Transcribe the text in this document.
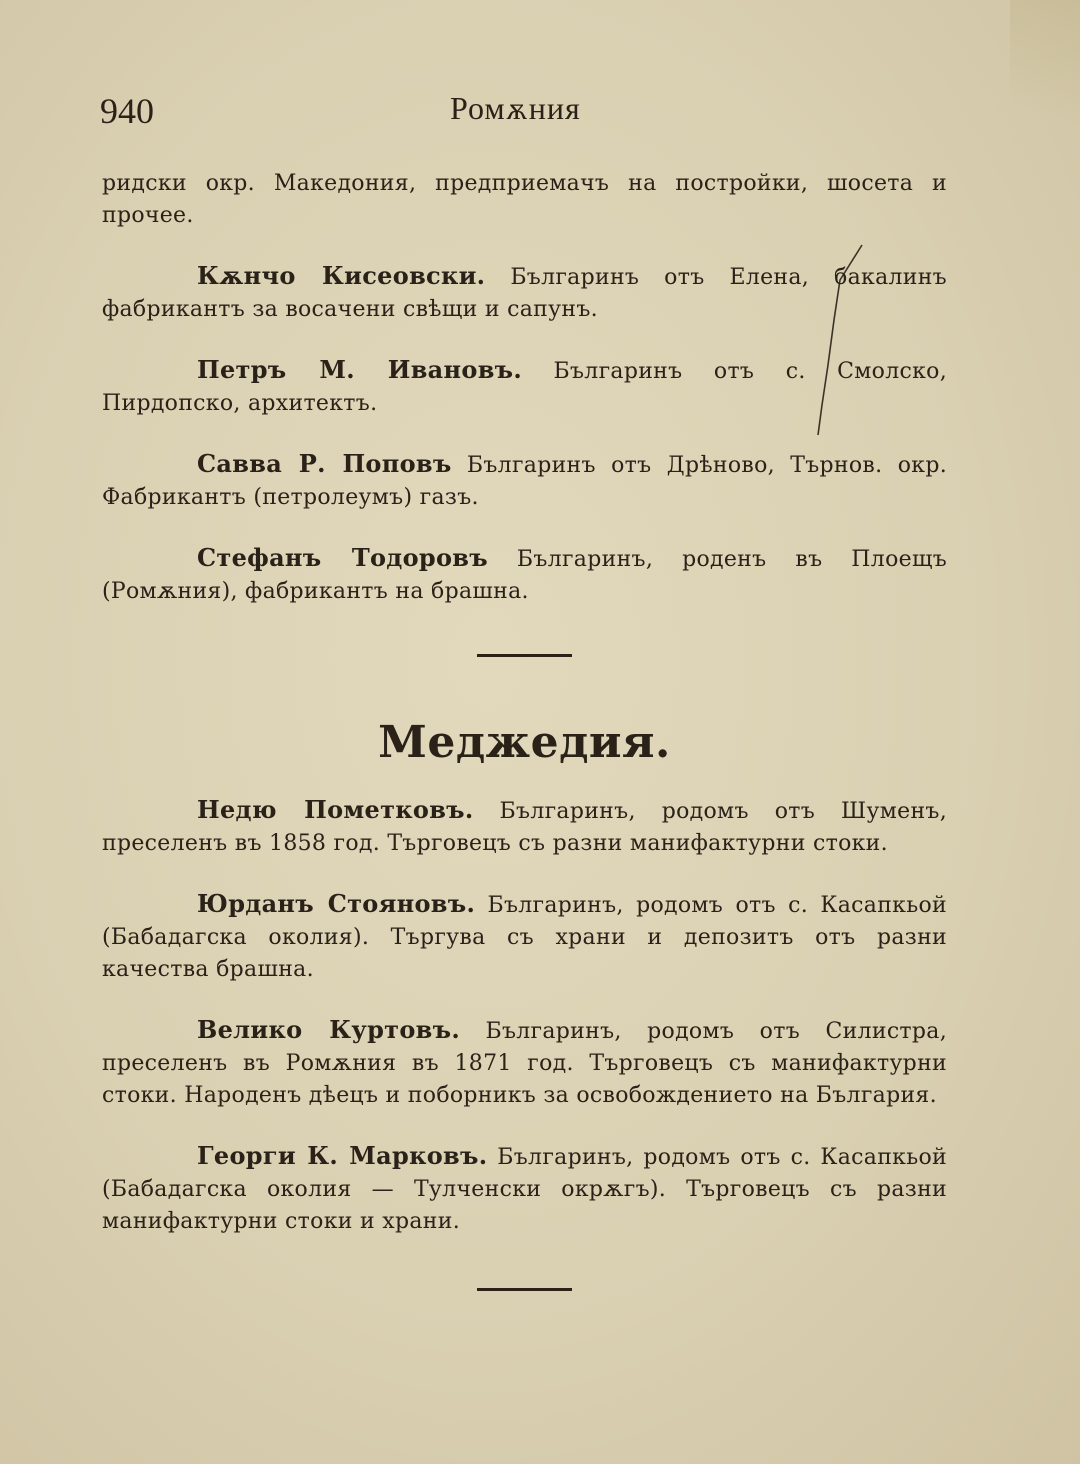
940	Ромѫния

ридски окр. Македония, предприемачъ на постройки, шосета и прочее.

Кѫнчо Кисеовски. Българинъ отъ Елена, бакалинъ фабрикантъ за восачени свѣщи и сапунъ.

Петръ М. Ивановъ. Българинъ отъ с. Смолско, Пирдопско, архитектъ.

Савва Р. Поповъ Българинъ отъ Дрѣново, Търнов. окр. Фабрикантъ (петролеумъ) газъ.

Стефанъ Тодоровъ Българинъ, роденъ въ Плоещъ (Ромѫния), фабрикантъ на брашна.

Меджедия.

Недю Пометковъ. Българинъ, родомъ отъ Шуменъ, преселенъ въ 1858 год. Търговецъ съ разни манифактурни стоки.

Юрданъ Стояновъ. Българинъ, родомъ отъ с. Касапкьой (Бабадагска околия). Търгува съ храни и депозитъ отъ разни качества брашна.

Велико Куртовъ. Българинъ, родомъ отъ Силистра, преселенъ въ Ромѫния въ 1871 год. Търговецъ съ манифактурни стоки. Народенъ дѣецъ и поборникъ за освобождението на България.

Георги К. Марковъ. Българинъ, родомъ отъ с. Касапкьой (Бабадагска околия — Тулченски окрѫгъ). Търговецъ съ разни манифактурни стоки и храни.
